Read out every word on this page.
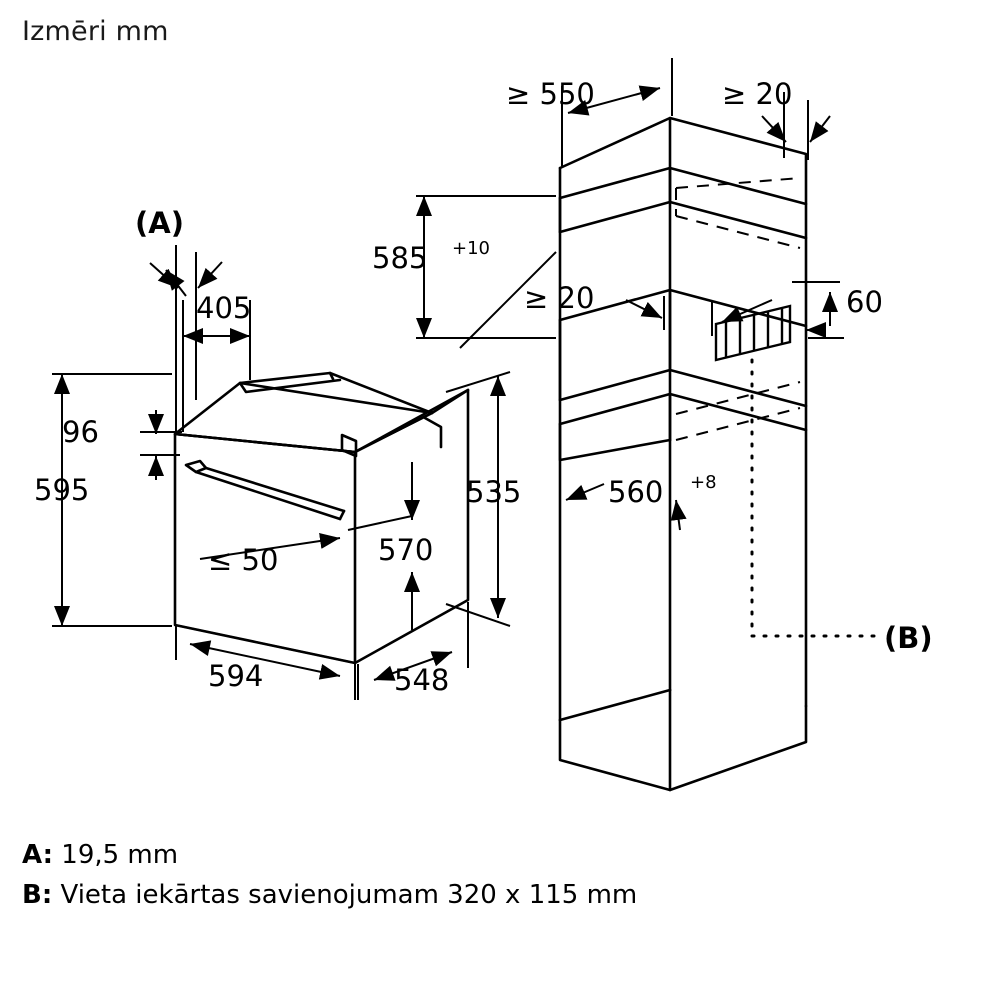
Izmēri mm
405
(A)
96
595
594	548
≤ 50	570
535
≥ 550	≥ 20
≥ 20
585 +10
60
560 +8
(B)
A: 19,5 mm
B: Vieta iekārtas savienojumam 320 x 115 mm
